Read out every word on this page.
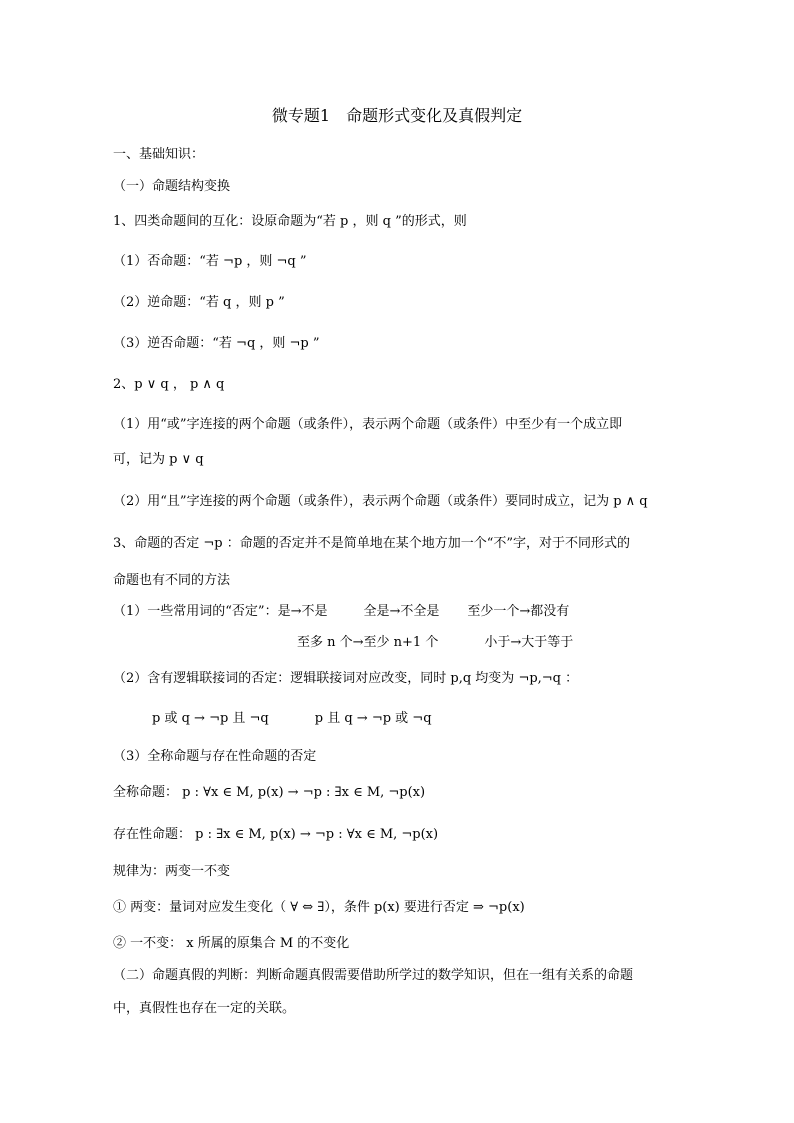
微专题1　命题形式变化及真假判定
一、基础知识：
（一）命题结构变换
1、四类命题间的互化：设原命题为“若 p ，则 q ”的形式，则
（1）否命题：“若 ¬p ，则 ¬q ”
（2）逆命题：“若 q ，则 p ”
（3）逆否命题：“若 ¬q ，则 ¬p ”
2、p ∨ q ， p ∧ q
（1）用“或”字连接的两个命题（或条件），表示两个命题（或条件）中至少有一个成立即
可，记为 p ∨ q
（2）用“且”字连接的两个命题（或条件），表示两个命题（或条件）要同时成立，记为 p ∧ q
3、命题的否定 ¬p ：命题的否定并不是简单地在某个地方加一个“不”字，对于不同形式的
命题也有不同的方法
（1）一些常用词的“否定”：是→不是	全是→不全是 至少一个→都没有
至多 n 个→至少 n+1 个	小于→大于等于
（2）含有逻辑联接词的否定：逻辑联接词对应改变，同时 p,q 均变为 ¬p,¬q ：
p 或 q → ¬p 且 ¬q	p 且 q → ¬p 或 ¬q
（3）全称命题与存在性命题的否定
全称命题： p : ∀x ∈ M, p(x) → ¬p : ∃x ∈ M, ¬p(x)
存在性命题： p : ∃x ∈ M, p(x) → ¬p : ∀x ∈ M, ¬p(x)
规律为：两变一不变
① 两变：量词对应发生变化（ ∀ ⇔ ∃），条件 p(x) 要进行否定 ⇒ ¬p(x)
② 一不变： x 所属的原集合 M 的不变化
（二）命题真假的判断：判断命题真假需要借助所学过的数学知识，但在一组有关系的命题
中，真假性也存在一定的关联。
